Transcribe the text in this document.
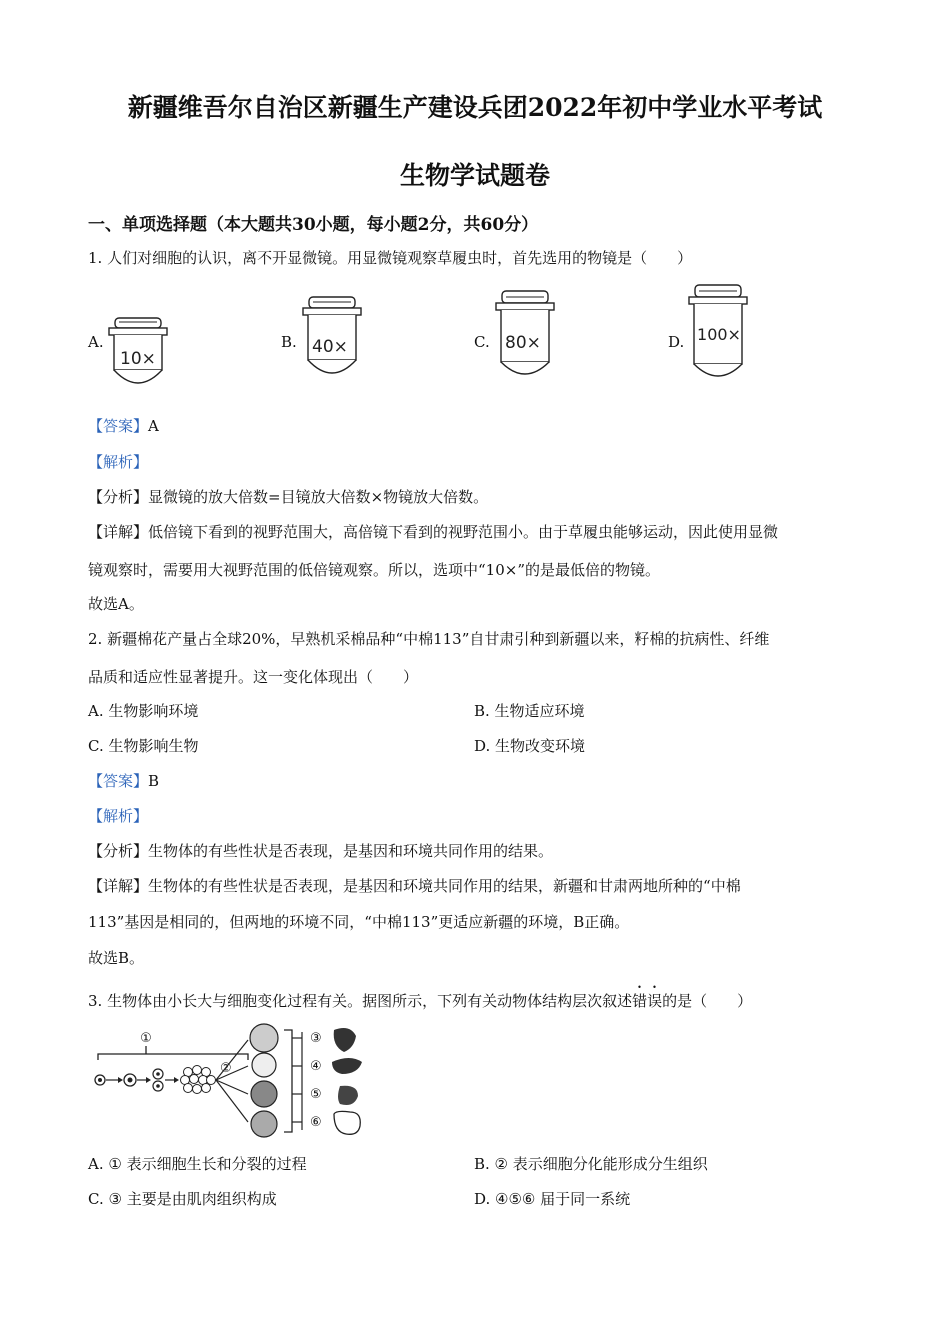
新疆维吾尔自治区新疆生产建设兵团2022年初中学业水平考试
生物学试题卷
一、单项选择题（本大题共30小题，每小题2分，共60分）
1. 人们对细胞的认识，离不开显微镜。用显微镜观察草履虫时，首先选用的物镜是（　　）
A.
10×
B. 40×	C. 80×	D. 100×
【答案】A
【解析】
【分析】显微镜的放大倍数=目镜放大倍数×物镜放大倍数。
【详解】低倍镜下看到的视野范围大，高倍镜下看到的视野范围小。由于草履虫能够运动，因此使用显微
镜观察时，需要用大视野范围的低倍镜观察。所以，选项中“10×”的是最低倍的物镜。
故选A。
2. 新疆棉花产量占全球20%，早熟机采棉品种“中棉113”自甘肃引种到新疆以来，籽棉的抗病性、纤维
品质和适应性显著提升。这一变化体现出（　　）
A. 生物影响环境	B. 生物适应环境
C. 生物影响生物	D. 生物改变环境
【答案】B
【解析】
【分析】生物体的有些性状是否表现，是基因和环境共同作用的结果。
【详解】生物体的有些性状是否表现，是基因和环境共同作用的结果，新疆和甘肃两地所种的“中棉
113”基因是相同的，但两地的环境不同，“中棉113”更适应新疆的环境，B正确。
故选B。
3. 生物体由小长大与细胞变化过程有关。据图所示，下列有关动物体结构层次叙述错误的是（　　）
①
②
③
④
⑤
⑥
A. ① 表示细胞生长和分裂的过程	B. ② 表示细胞分化能形成分生组织
C. ③ 主要是由肌肉组织构成	D. ④⑤⑥ 届于同一系统
